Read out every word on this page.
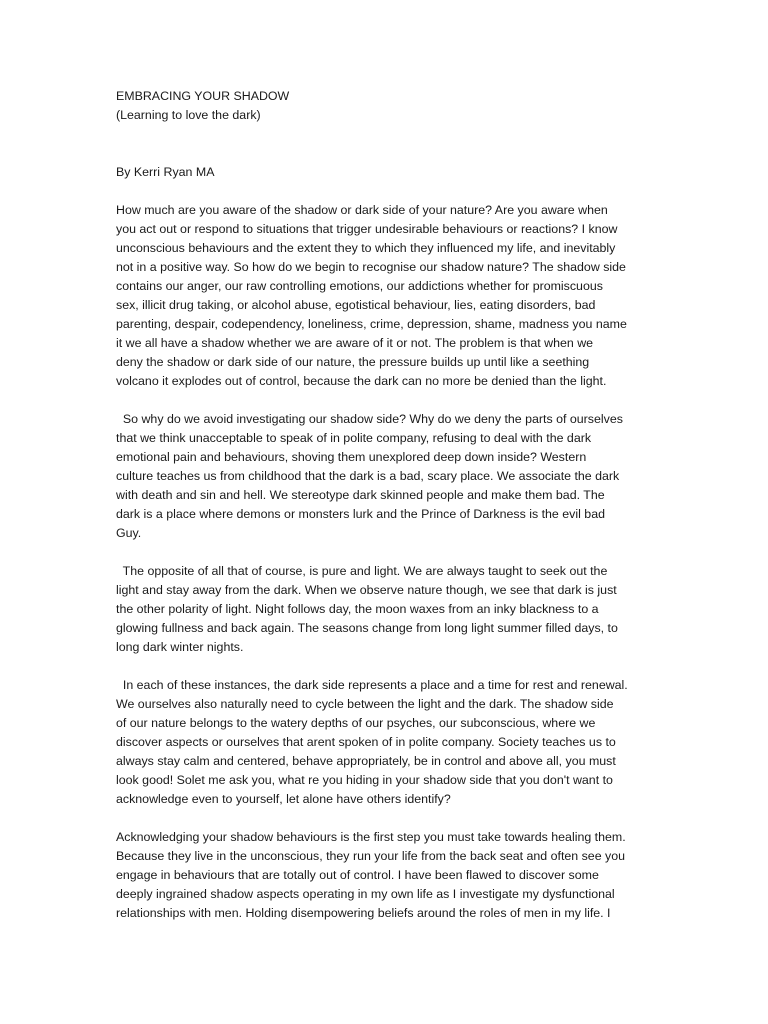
EMBRACING YOUR SHADOW
(Learning to love the dark)
By Kerri Ryan MA
How much are you aware of the shadow or dark side of your nature? Are you aware when
you act out or respond to situations that trigger undesirable behaviours or reactions? I know
unconscious behaviours and the extent they to which they influenced my life, and inevitably
not in a positive way. So how do we begin to recognise our shadow nature? The shadow side
contains our anger, our raw controlling emotions, our addictions whether for promiscuous
sex, illicit drug taking, or alcohol abuse, egotistical behaviour, lies, eating disorders, bad
parenting, despair, codependency, loneliness, crime, depression, shame, madness you name
it we all have a shadow whether we are aware of it or not. The problem is that when we
deny the shadow or dark side of our nature, the pressure builds up until like a seething
volcano it explodes out of control, because the dark can no more be denied than the light.
So why do we avoid investigating our shadow side? Why do we deny the parts of ourselves
that we think unacceptable to speak of in polite company, refusing to deal with the dark
emotional pain and behaviours, shoving them unexplored deep down inside? Western
culture teaches us from childhood that the dark is a bad, scary place. We associate the dark
with death and sin and hell. We stereotype dark skinned people and make them bad. The
dark is a place where demons or monsters lurk and the Prince of Darkness is the evil bad
Guy.
The opposite of all that of course, is pure and light. We are always taught to seek out the
light and stay away from the dark. When we observe nature though, we see that dark is just
the other polarity of light. Night follows day, the moon waxes from an inky blackness to a
glowing fullness and back again. The seasons change from long light summer filled days, to
long dark winter nights.
In each of these instances, the dark side represents a place and a time for rest and renewal.
We ourselves also naturally need to cycle between the light and the dark. The shadow side
of our nature belongs to the watery depths of our psyches, our subconscious, where we
discover aspects or ourselves that arent spoken of in polite company. Society teaches us to
always stay calm and centered, behave appropriately, be in control and above all, you must
look good! Solet me ask you, what re you hiding in your shadow side that you don't want to
acknowledge even to yourself, let alone have others identify?
Acknowledging your shadow behaviours is the first step you must take towards healing them.
Because they live in the unconscious, they run your life from the back seat and often see you
engage in behaviours that are totally out of control. I have been flawed to discover some
deeply ingrained shadow aspects operating in my own life as I investigate my dysfunctional
relationships with men. Holding disempowering beliefs around the roles of men in my life. I
